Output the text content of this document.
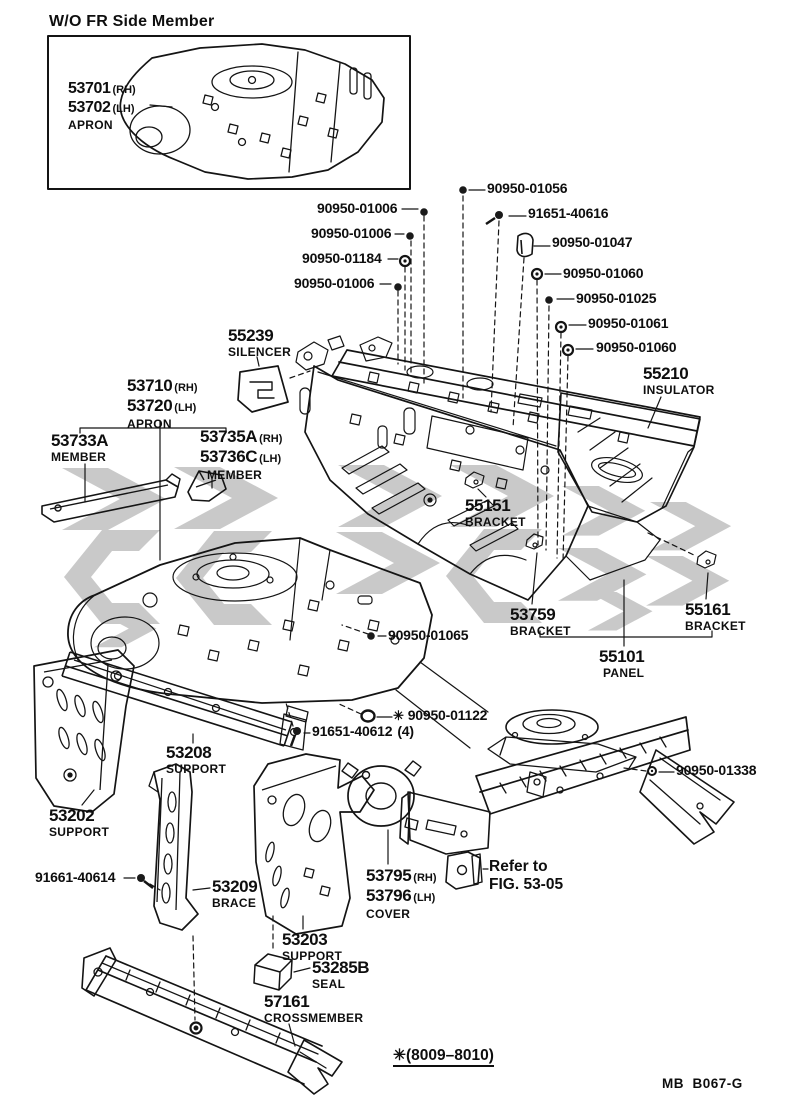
W/O FR Side Member
53701 (RH)
53702 (LH)
APRON
90950-01056
91651-40616
90950-01006
90950-01006
90950-01047
90950-01184
90950-01060
90950-01006
90950-01025
90950-01061
90950-01060
55239
SILENCER
55210
INSULATOR
53710 (RH)
53720 (LH)
APRON
53733A
MEMBER
53735A (RH)
53736C (LH)
MEMBER
55151
BRACKET
53759
BRACKET
55161
BRACKET
55101
PANEL
90950-01065
✳ 90950-01122
91651-40612 (4)
53208
SUPPORT	90950-01338
53202
SUPPORT
91661-40614	53209
BRACE
53795 (RH)
53796 (LH)
COVER
Refer to
FIG. 53-05
53203
SUPPORT
53285B
SEAL
57161
CROSSMEMBER
✳(8009–8010)
MB  B067-G
